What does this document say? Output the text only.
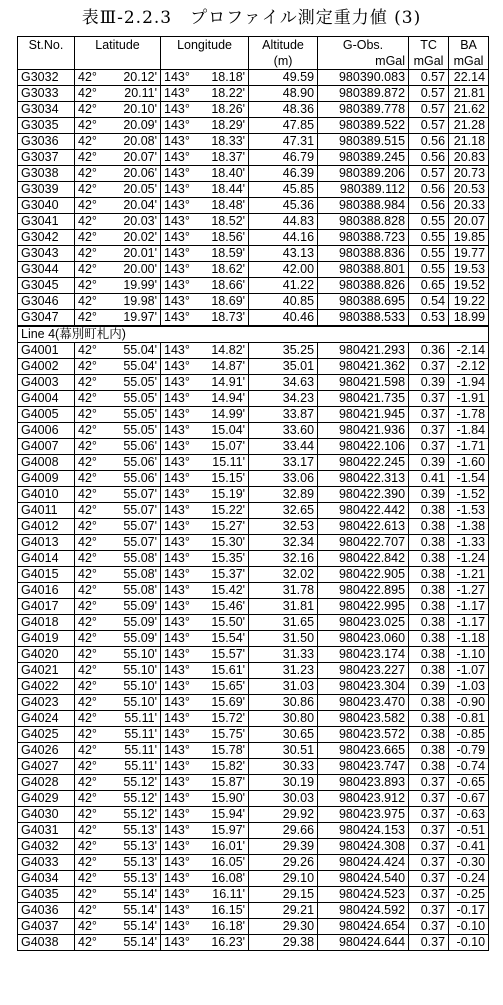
表Ⅲ-2.2.3　プロファイル測定重力値 (3)
St.No.	Latitude		Longitude		Altitude	G-Obs.	TC	BA
					(m)	mGal	mGal	mGal
G3032	42°	20.12'	143°	18.18'	49.59	980390.083	0.57	22.14
G3033	42°	20.11'	143°	18.22'	48.90	980389.872	0.57	21.81
G3034	42°	20.10'	143°	18.26'	48.36	980389.778	0.57	21.62
G3035	42°	20.09'	143°	18.29'	47.85	980389.522	0.57	21.28
G3036	42°	20.08'	143°	18.33'	47.31	980389.515	0.56	21.18
G3037	42°	20.07'	143°	18.37'	46.79	980389.245	0.56	20.83
G3038	42°	20.06'	143°	18.40'	46.39	980389.206	0.57	20.73
G3039	42°	20.05'	143°	18.44'	45.85	980389.112	0.56	20.53
G3040	42°	20.04'	143°	18.48'	45.36	980388.984	0.56	20.33
G3041	42°	20.03'	143°	18.52'	44.83	980388.828	0.55	20.07
G3042	42°	20.02'	143°	18.56'	44.16	980388.723	0.55	19.85
G3043	42°	20.01'	143°	18.59'	43.13	980388.836	0.55	19.77
G3044	42°	20.00'	143°	18.62'	42.00	980388.801	0.55	19.53
G3045	42°	19.99'	143°	18.66'	41.22	980388.826	0.65	19.52
G3046	42°	19.98'	143°	18.69'	40.85	980388.695	0.54	19.22
G3047	42°	19.97'	143°	18.73'	40.46	980388.533	0.53	18.99
Line 4(幕別町札内)								
G4001	42°	55.04'	143°	14.82'	35.25	980421.293	0.36	-2.14
G4002	42°	55.04'	143°	14.87'	35.01	980421.362	0.37	-2.12
G4003	42°	55.05'	143°	14.91'	34.63	980421.598	0.39	-1.94
G4004	42°	55.05'	143°	14.94'	34.23	980421.735	0.37	-1.91
G4005	42°	55.05'	143°	14.99'	33.87	980421.945	0.37	-1.78
G4006	42°	55.05'	143°	15.04'	33.60	980421.936	0.37	-1.84
G4007	42°	55.06'	143°	15.07'	33.44	980422.106	0.37	-1.71
G4008	42°	55.06'	143°	15.11'	33.17	980422.245	0.39	-1.60
G4009	42°	55.06'	143°	15.15'	33.06	980422.313	0.41	-1.54
G4010	42°	55.07'	143°	15.19'	32.89	980422.390	0.39	-1.52
G4011	42°	55.07'	143°	15.22'	32.65	980422.442	0.38	-1.53
G4012	42°	55.07'	143°	15.27'	32.53	980422.613	0.38	-1.38
G4013	42°	55.07'	143°	15.30'	32.34	980422.707	0.38	-1.33
G4014	42°	55.08'	143°	15.35'	32.16	980422.842	0.38	-1.24
G4015	42°	55.08'	143°	15.37'	32.02	980422.905	0.38	-1.21
G4016	42°	55.08'	143°	15.42'	31.78	980422.895	0.38	-1.27
G4017	42°	55.09'	143°	15.46'	31.81	980422.995	0.38	-1.17
G4018	42°	55.09'	143°	15.50'	31.65	980423.025	0.38	-1.17
G4019	42°	55.09'	143°	15.54'	31.50	980423.060	0.38	-1.18
G4020	42°	55.10'	143°	15.57'	31.33	980423.174	0.38	-1.10
G4021	42°	55.10'	143°	15.61'	31.23	980423.227	0.38	-1.07
G4022	42°	55.10'	143°	15.65'	31.03	980423.304	0.39	-1.03
G4023	42°	55.10'	143°	15.69'	30.86	980423.470	0.38	-0.90
G4024	42°	55.11'	143°	15.72'	30.80	980423.582	0.38	-0.81
G4025	42°	55.11'	143°	15.75'	30.65	980423.572	0.38	-0.85
G4026	42°	55.11'	143°	15.78'	30.51	980423.665	0.38	-0.79
G4027	42°	55.11'	143°	15.82'	30.33	980423.747	0.38	-0.74
G4028	42°	55.12'	143°	15.87'	30.19	980423.893	0.37	-0.65
G4029	42°	55.12'	143°	15.90'	30.03	980423.912	0.37	-0.67
G4030	42°	55.12'	143°	15.94'	29.92	980423.975	0.37	-0.63
G4031	42°	55.13'	143°	15.97'	29.66	980424.153	0.37	-0.51
G4032	42°	55.13'	143°	16.01'	29.39	980424.308	0.37	-0.41
G4033	42°	55.13'	143°	16.05'	29.26	980424.424	0.37	-0.30
G4034	42°	55.13'	143°	16.08'	29.10	980424.540	0.37	-0.24
G4035	42°	55.14'	143°	16.11'	29.15	980424.523	0.37	-0.25
G4036	42°	55.14'	143°	16.15'	29.21	980424.592	0.37	-0.17
G4037	42°	55.14'	143°	16.18'	29.30	980424.654	0.37	-0.10
G4038	42°	55.14'	143°	16.23'	29.38	980424.644	0.37	-0.10
